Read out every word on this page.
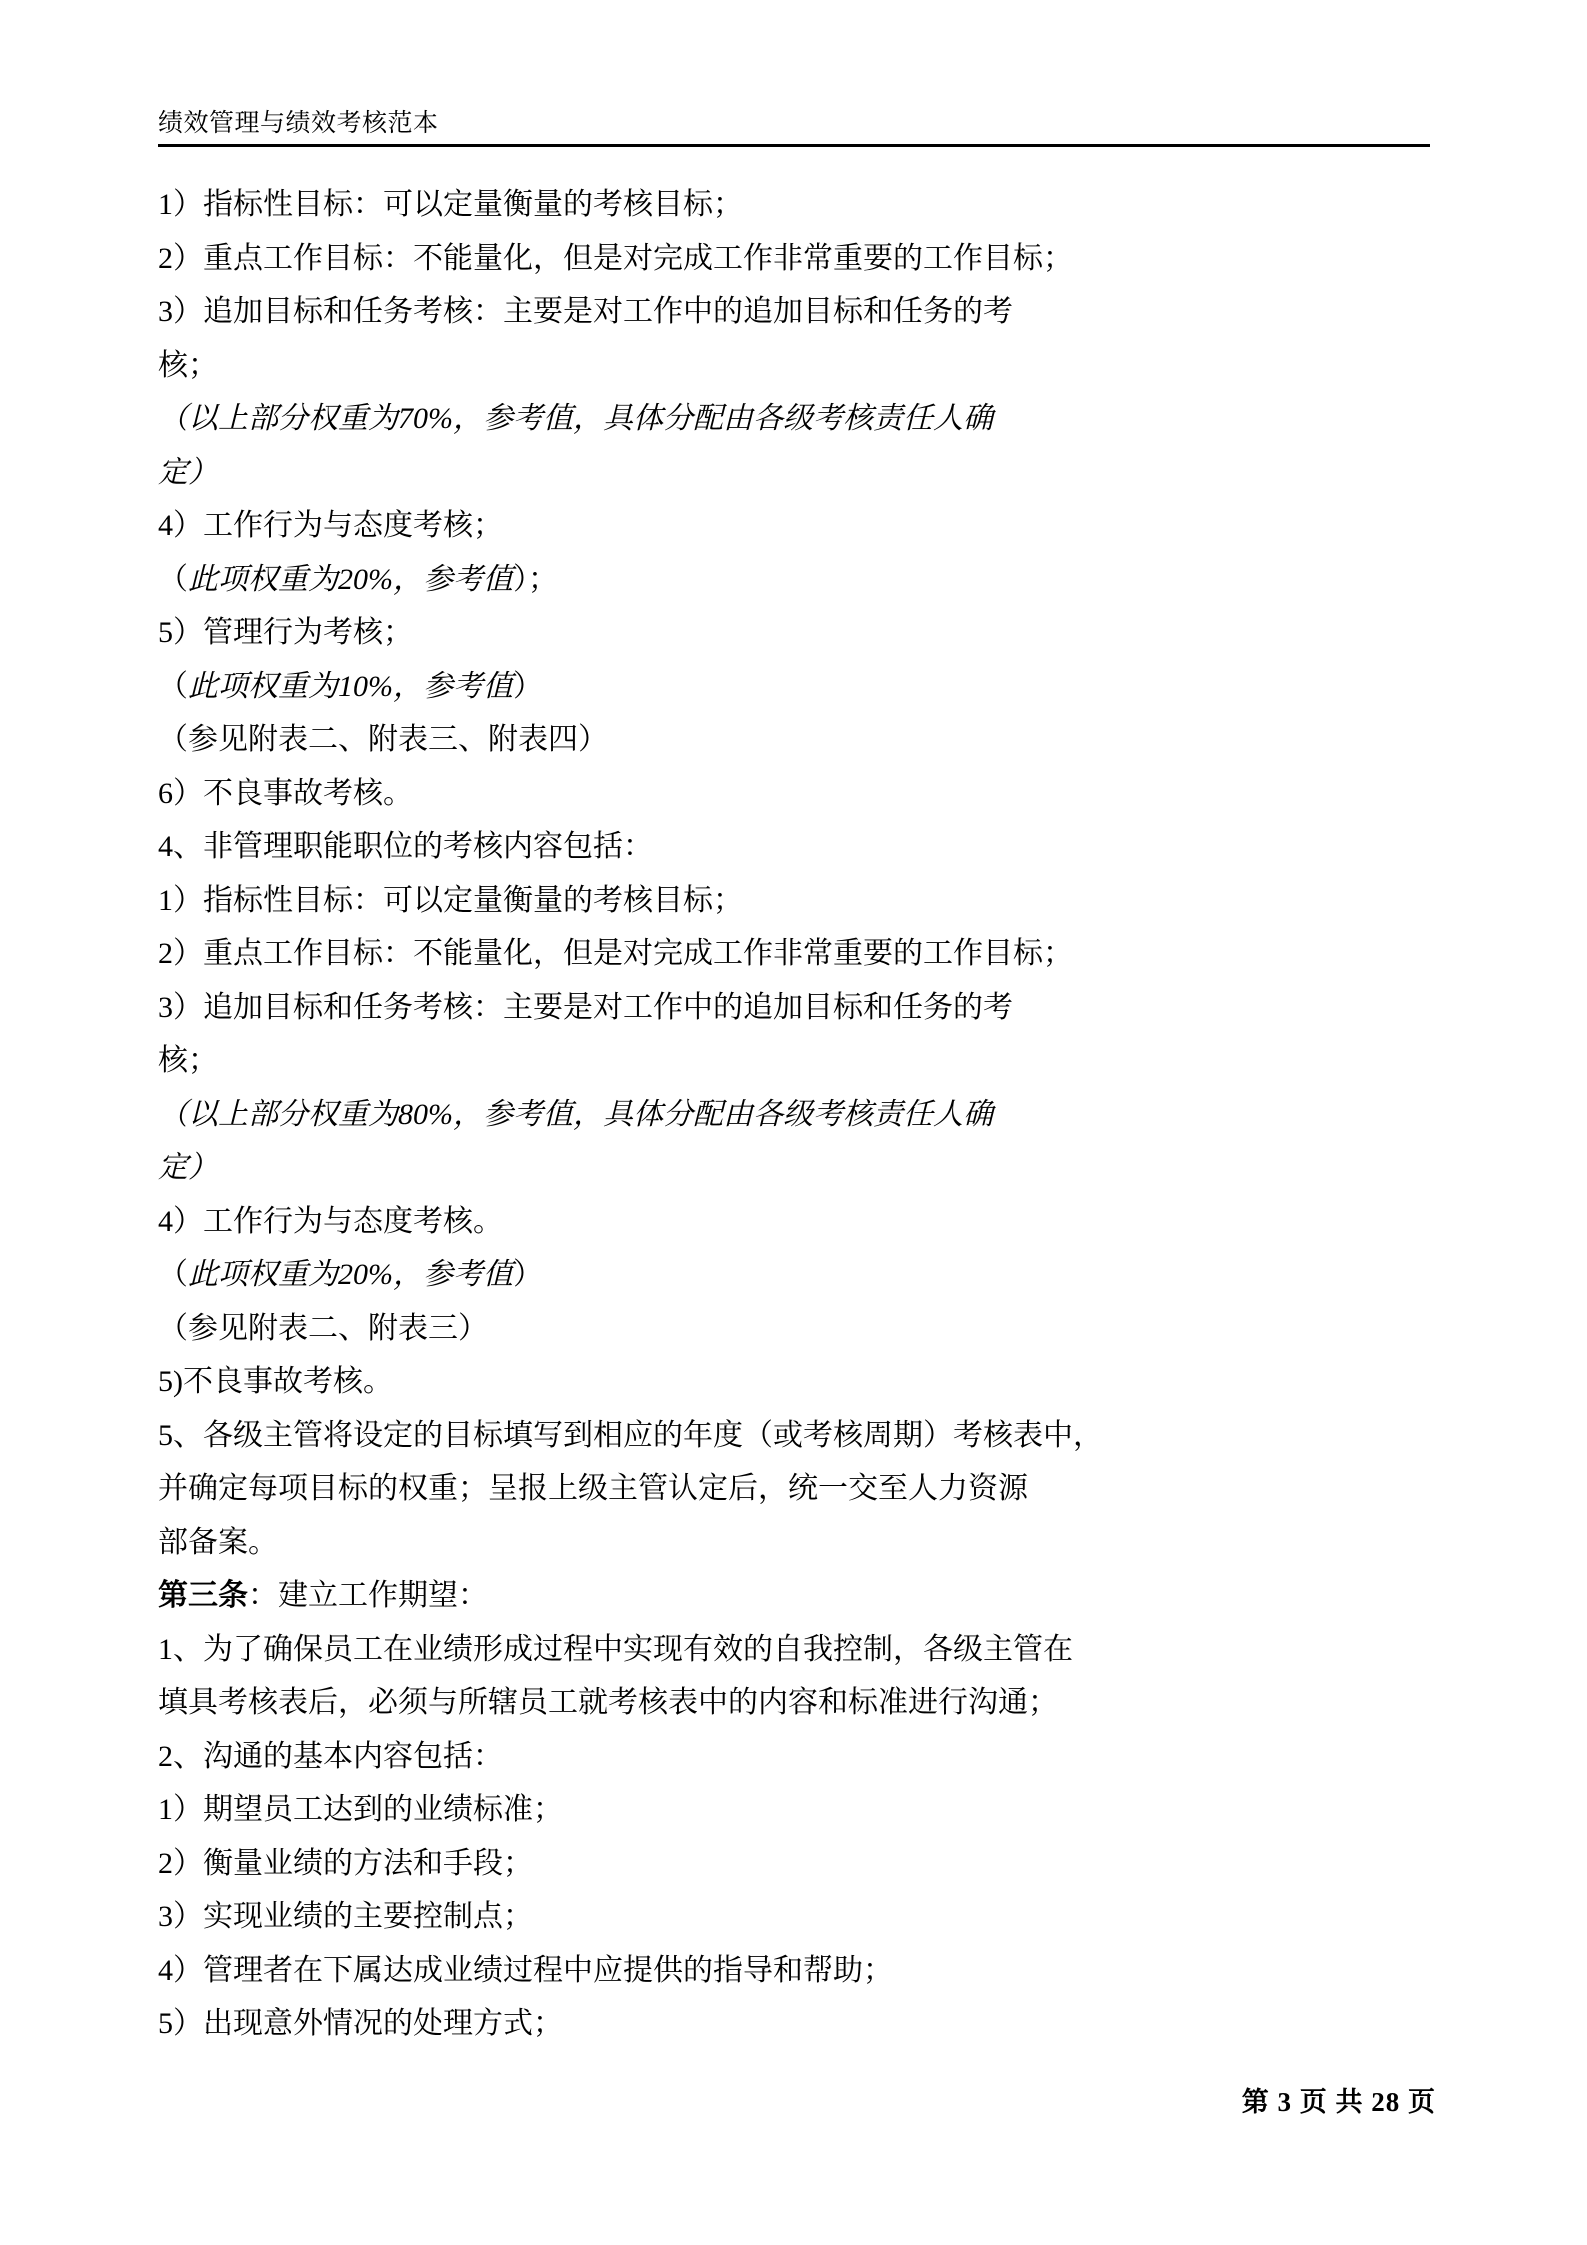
绩效管理与绩效考核范本

1）指标性目标：可以定量衡量的考核目标；

2）重点工作目标：不能量化，但是对完成工作非常重要的工作目标；

3）追加目标和任务考核：主要是对工作中的追加目标和任务的考

核；

（以上部分权重为70%，参考值，具体分配由各级考核责任人确

定）

4）工作行为与态度考核；

（此项权重为20%，参考值）；

5）管理行为考核；

（此项权重为10%，参考值）

（参见附表二、附表三、附表四）

6）不良事故考核。

4、非管理职能职位的考核内容包括：

1）指标性目标：可以定量衡量的考核目标；

2）重点工作目标：不能量化，但是对完成工作非常重要的工作目标；

3）追加目标和任务考核：主要是对工作中的追加目标和任务的考

核；

（以上部分权重为80%，参考值，具体分配由各级考核责任人确

定）

4）工作行为与态度考核。

（此项权重为20%，参考值）

（参见附表二、附表三）

5)不良事故考核。

5、各级主管将设定的目标填写到相应的年度（或考核周期）考核表中，

并确定每项目标的权重；呈报上级主管认定后，统一交至人力资源

部备案。

第三条：建立工作期望：

1、为了确保员工在业绩形成过程中实现有效的自我控制，各级主管在

填具考核表后，必须与所辖员工就考核表中的内容和标准进行沟通；

2、沟通的基本内容包括：

1）期望员工达到的业绩标准；

2）衡量业绩的方法和手段；

3）实现业绩的主要控制点；

4）管理者在下属达成业绩过程中应提供的指导和帮助；

5）出现意外情况的处理方式；

第 3 页 共 28 页
